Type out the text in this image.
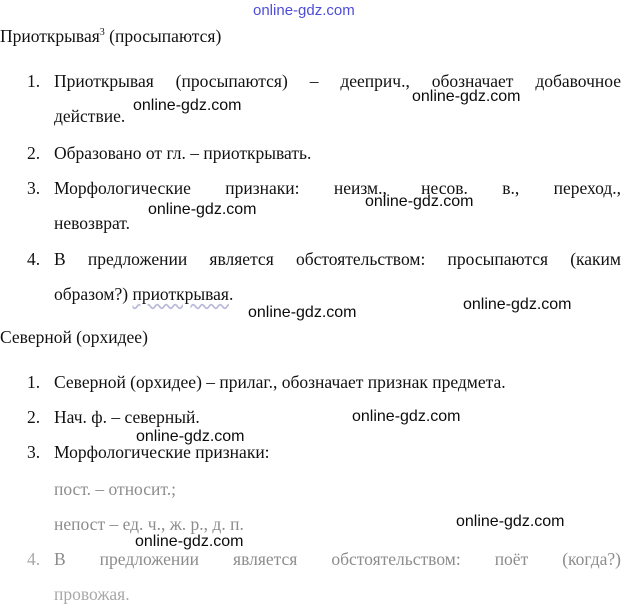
online-gdz.com
Приоткрывая$^3$ (просыпаются)
1. Приоткрывая (просыпаются) – дееприч., обозначает добавочное
действие.
2. Образовано от гл. – приоткрывать.
3. Морфологические признаки: неизм., несов. в., переход.,
невозврат.
4. В предложении является обстоятельством: просыпаются (каким
образом?) приоткрывая.
Северной (орхидее)
1. Северной (орхидее) – прилаг., обозначает признак предмета.
2. Нач. ф. – северный.
3. Морфологические признаки:
пост. – относит.;
непост – ед. ч., ж. р., д. п.
4. В предложении является обстоятельством: поёт (когда?)
провожая.
online-gdz.com
online-gdz.com
online-gdz.com
online-gdz.com
online-gdz.com
online-gdz.com
online-gdz.com
online-gdz.com
online-gdz.com
online-gdz.com
